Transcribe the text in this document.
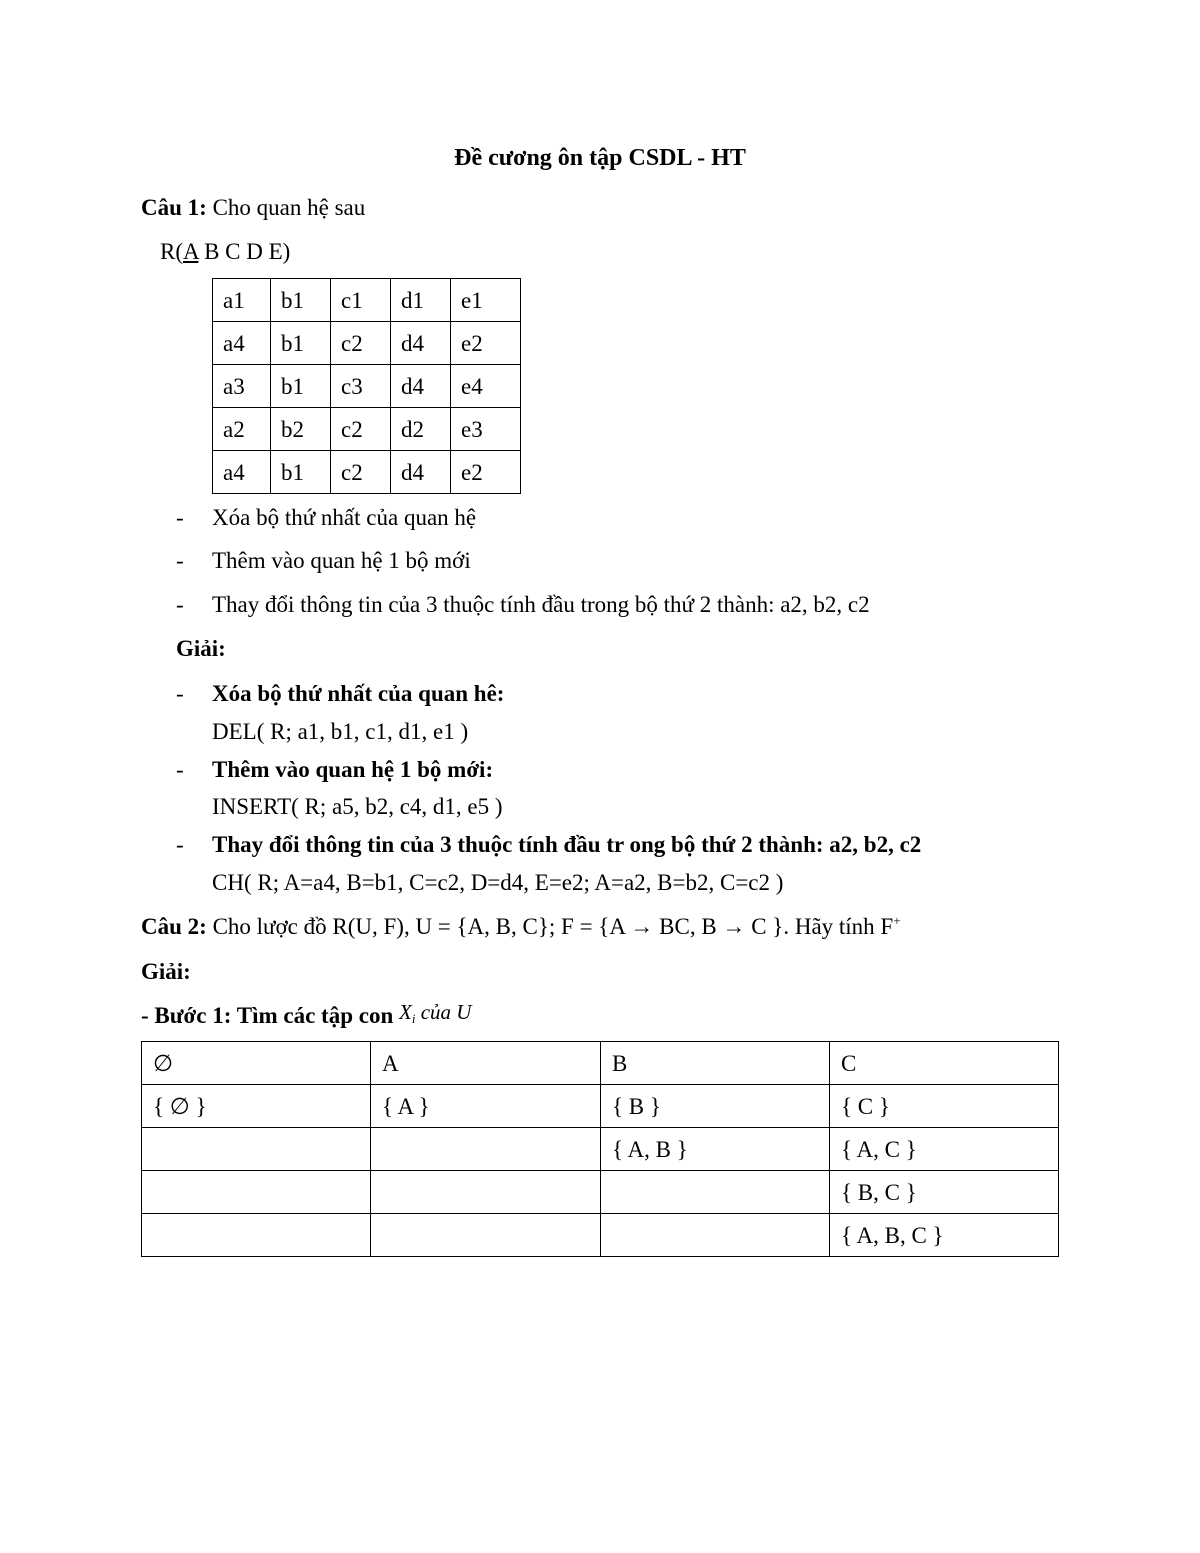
Đề cương ôn tập CSDL - HT
Câu 1: Cho quan hệ sau
R(A B C D E)
a1	b1	c1	d1	e1
a4	b1	c2	d4	e2
a3	b1	c3	d4	e4
a2	b2	c2	d2	e3
a4	b1	c2	d4	e2
- Xóa bộ thứ nhất của quan hệ
- Thêm vào quan hệ 1 bộ mới
- Thay đổi thông tin của 3 thuộc tính đầu trong bộ thứ 2 thành: a2, b2, c2
Giải:
- Xóa bộ thứ nhất của quan hê:
DEL( R; a1, b1, c1, d1, e1 )
- Thêm vào quan hệ 1 bộ mới:
INSERT( R; a5, b2, c4, d1, e5 )
- Thay đổi thông tin của 3 thuộc tính đầu tr ong bộ thứ 2 thành: a2, b2, c2
CH( R; A=a4, B=b1, C=c2, D=d4, E=e2; A=a2, B=b2, C=c2 )
Câu 2: Cho lược đồ R(U, F), U = {A, B, C}; F = {A → BC, B → C }. Hãy tính F+
Giải:
- Bước 1: Tìm các tập con $X_i$ của U
∅	A	B	C
{ ∅ }	{ A }	{ B }	{ C }
		{ A, B }	{ A, C }
			{ B, C }
			{ A, B, C }
